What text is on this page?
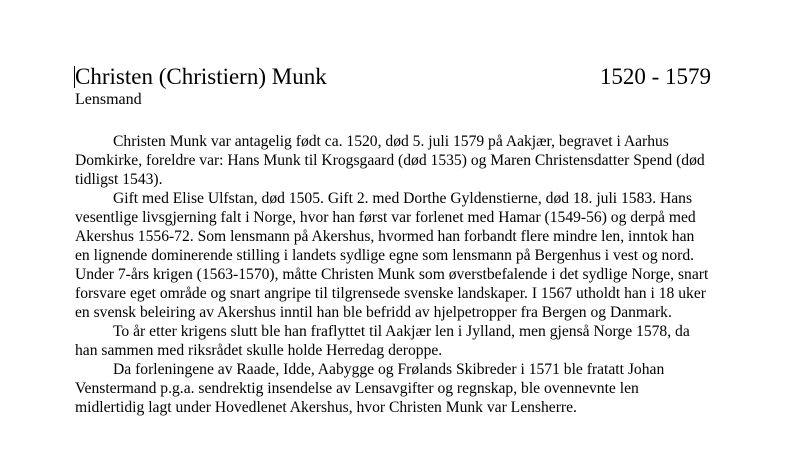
Christen (Christiern) Munk	1520 - 1579
Lensmand

Christen Munk var antagelig født ca. 1520, død 5. juli 1579 på Aakjær, begravet i Aarhus Domkirke, foreldre var: Hans Munk til Krogsgaard (død 1535) og Maren Christensdatter Spend (død tidligst 1543).

Gift med Elise Ulfstan, død 1505. Gift 2. med Dorthe Gyldenstierne, død 18. juli 1583. Hans vesentlige livsgjerning falt i Norge, hvor han først var forlenet med Hamar (1549-56) og derpå med Akershus 1556-72. Som lensmann på Akershus, hvormed han forbandt flere mindre len, inntok han en lignende dominerende stilling i landets sydlige egne som lensmann på Bergenhus i vest og nord. Under 7-års krigen (1563-1570), måtte Christen Munk som øverstbefalende i det sydlige Norge, snart forsvare eget område og snart angripe til tilgrensede svenske landskaper. I 1567 utholdt han i 18 uker en svensk beleiring av Akershus inntil han ble befridd av hjelpetropper fra Bergen og Danmark.

To år etter krigens slutt ble han fraflyttet til Aakjær len i Jylland, men gjenså Norge 1578, da han sammen med riksrådet skulle holde Herredag deroppe.

Da forleningene av Raade, Idde, Aabygge og Frølands Skibreder i 1571 ble fratatt Johan Venstermand p.g.a. sendrektig insendelse av Lensavgifter og regnskap, ble ovennevnte len midlertidig lagt under Hovedlenet Akershus, hvor Christen Munk var Lensherre.
